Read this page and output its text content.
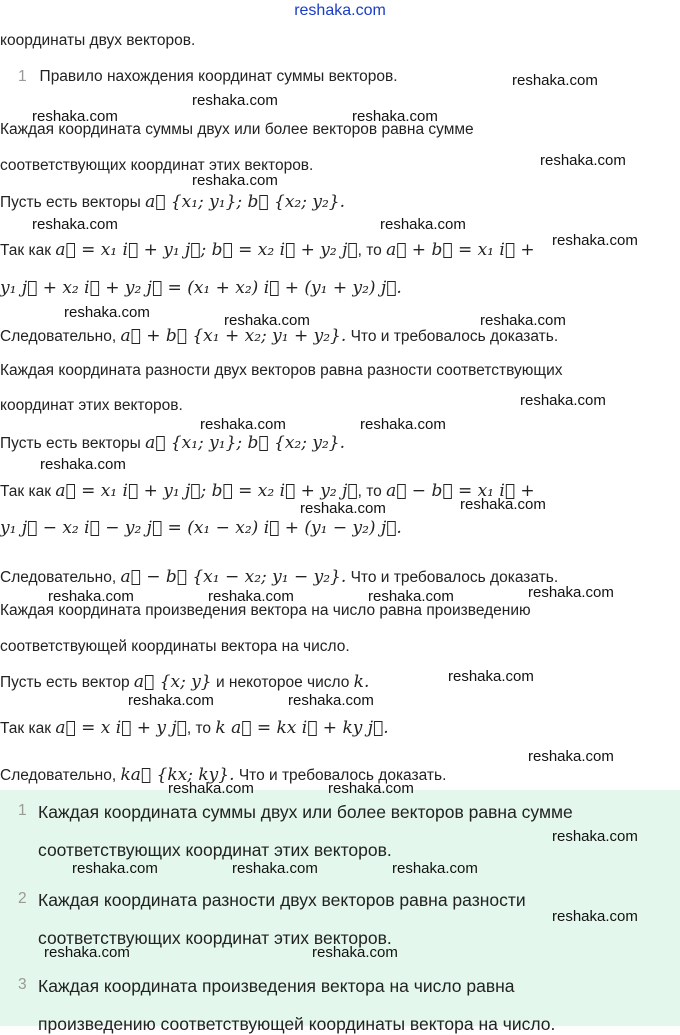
reshaka.com
координаты двух векторов.
1 Правило нахождения координат суммы векторов.
Каждая координата суммы двух или более векторов равна сумме
соответствующих координат этих векторов.
Пусть есть векторы a⃗ {x₁; y₁}; b⃗ {x₂; y₂}.
Так как a⃗ = x₁ i⃗ + y₁ j⃗; b⃗ = x₂ i⃗ + y₂ j⃗, то a⃗ + b⃗ = x₁ i⃗ +
y₁ j⃗ + x₂ i⃗ + y₂ j⃗ = (x₁ + x₂) i⃗ + (y₁ + y₂) j⃗.
Следовательно, a⃗ + b⃗ {x₁ + x₂; y₁ + y₂}. Что и требовалось доказать.
Каждая координата разности двух векторов равна разности соответствующих
координат этих векторов.
Пусть есть векторы a⃗ {x₁; y₁}; b⃗ {x₂; y₂}.
Так как a⃗ = x₁ i⃗ + y₁ j⃗; b⃗ = x₂ i⃗ + y₂ j⃗, то a⃗ − b⃗ = x₁ i⃗ +
y₁ j⃗ − x₂ i⃗ − y₂ j⃗ = (x₁ − x₂) i⃗ + (y₁ − y₂) j⃗.
Следовательно, a⃗ − b⃗ {x₁ − x₂; y₁ − y₂}. Что и требовалось доказать.
Каждая координата произведения вектора на число равна произведению
соответствующей координаты вектора на число.
Пусть есть вектор a⃗ {x; y} и некоторое число k.
Так как a⃗ = x i⃗ + y j⃗, то k a⃗ = kx i⃗ + ky j⃗.
Следовательно, ka⃗ {kx; ky}. Что и требовалось доказать.
1 Каждая координата суммы двух или более векторов равна сумме
соответствующих координат этих векторов.
2 Каждая координата разности двух векторов равна разности
соответствующих координат этих векторов.
3 Каждая координата произведения вектора на число равна
произведению соответствующей координаты вектора на число.
reshaka.com
reshaka.com
reshaka.com	reshaka.com
reshaka.com
reshaka.com
reshaka.com	reshaka.com
reshaka.com
reshaka.com	reshaka.com	reshaka.com
reshaka.com
reshaka.com	reshaka.com
reshaka.com
reshaka.com	reshaka.com
reshaka.com	reshaka.com	reshaka.com	reshaka.com
reshaka.com
reshaka.com	reshaka.com
reshaka.com
reshaka.com	reshaka.com
reshaka.com
reshaka.com	reshaka.com	reshaka.com
reshaka.com
reshaka.com	reshaka.com
